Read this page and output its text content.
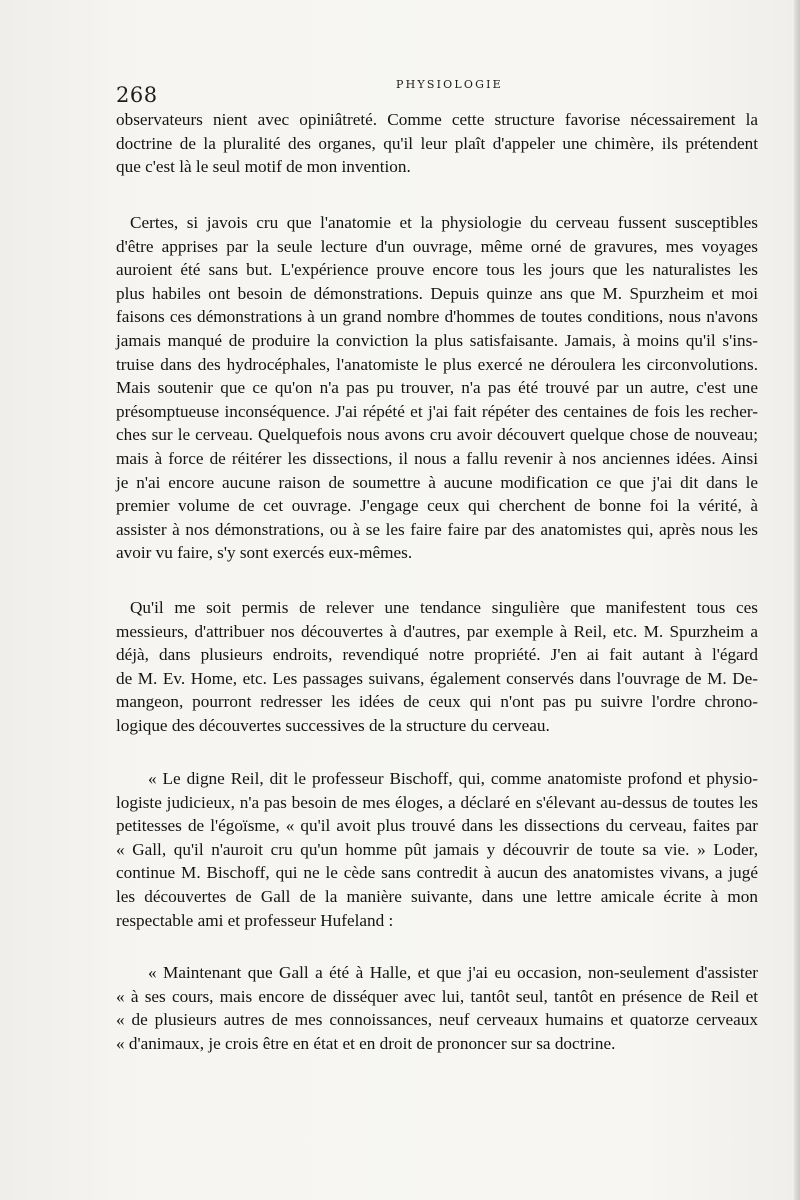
268	PHYSIOLOGIE
observateurs nient avec opiniâtreté. Comme cette structure favorise nécessairement la
doctrine de la pluralité des organes, qu'il leur plaît d'appeler une chimère, ils prétendent
que c'est là le seul motif de mon invention.
Certes, si javois cru que l'anatomie et la physiologie du cerveau fussent susceptibles
d'être apprises par la seule lecture d'un ouvrage, même orné de gravures, mes voyages
auroient été sans but. L'expérience prouve encore tous les jours que les naturalistes les
plus habiles ont besoin de démonstrations. Depuis quinze ans que M. Spurzheim et moi
faisons ces démonstrations à un grand nombre d'hommes de toutes conditions, nous n'avons
jamais manqué de produire la conviction la plus satisfaisante. Jamais, à moins qu'il s'ins-
truise dans des hydrocéphales, l'anatomiste le plus exercé ne déroulera les circonvolutions.
Mais soutenir que ce qu'on n'a pas pu trouver, n'a pas été trouvé par un autre, c'est une
présomptueuse inconséquence. J'ai répété et j'ai fait répéter des centaines de fois les recher-
ches sur le cerveau. Quelquefois nous avons cru avoir découvert quelque chose de nouveau;
mais à force de réitérer les dissections, il nous a fallu revenir à nos anciennes idées. Ainsi
je n'ai encore aucune raison de soumettre à aucune modification ce que j'ai dit dans le
premier volume de cet ouvrage. J'engage ceux qui cherchent de bonne foi la vérité, à
assister à nos démonstrations, ou à se les faire faire par des anatomistes qui, après nous les
avoir vu faire, s'y sont exercés eux-mêmes.
Qu'il me soit permis de relever une tendance singulière que manifestent tous ces
messieurs, d'attribuer nos découvertes à d'autres, par exemple à Reil, etc. M. Spurzheim a
déjà, dans plusieurs endroits, revendiqué notre propriété. J'en ai fait autant à l'égard
de M. Ev. Home, etc. Les passages suivans, également conservés dans l'ouvrage de M. De-
mangeon, pourront redresser les idées de ceux qui n'ont pas pu suivre l'ordre chrono-
logique des découvertes successives de la structure du cerveau.
« Le digne Reil, dit le professeur Bischoff, qui, comme anatomiste profond et physio-
logiste judicieux, n'a pas besoin de mes éloges, a déclaré en s'élevant au-dessus de toutes les
petitesses de l'égoïsme, « qu'il avoit plus trouvé dans les dissections du cerveau, faites par
« Gall, qu'il n'auroit cru qu'un homme pût jamais y découvrir de toute sa vie. » Loder,
continue M. Bischoff, qui ne le cède sans contredit à aucun des anatomistes vivans, a jugé
les découvertes de Gall de la manière suivante, dans une lettre amicale écrite à mon
respectable ami et professeur Hufeland :
« Maintenant que Gall a été à Halle, et que j'ai eu occasion, non-seulement d'assister
« à ses cours, mais encore de disséquer avec lui, tantôt seul, tantôt en présence de Reil et
« de plusieurs autres de mes connoissances, neuf cerveaux humains et quatorze cerveaux
« d'animaux, je crois être en état et en droit de prononcer sur sa doctrine.
